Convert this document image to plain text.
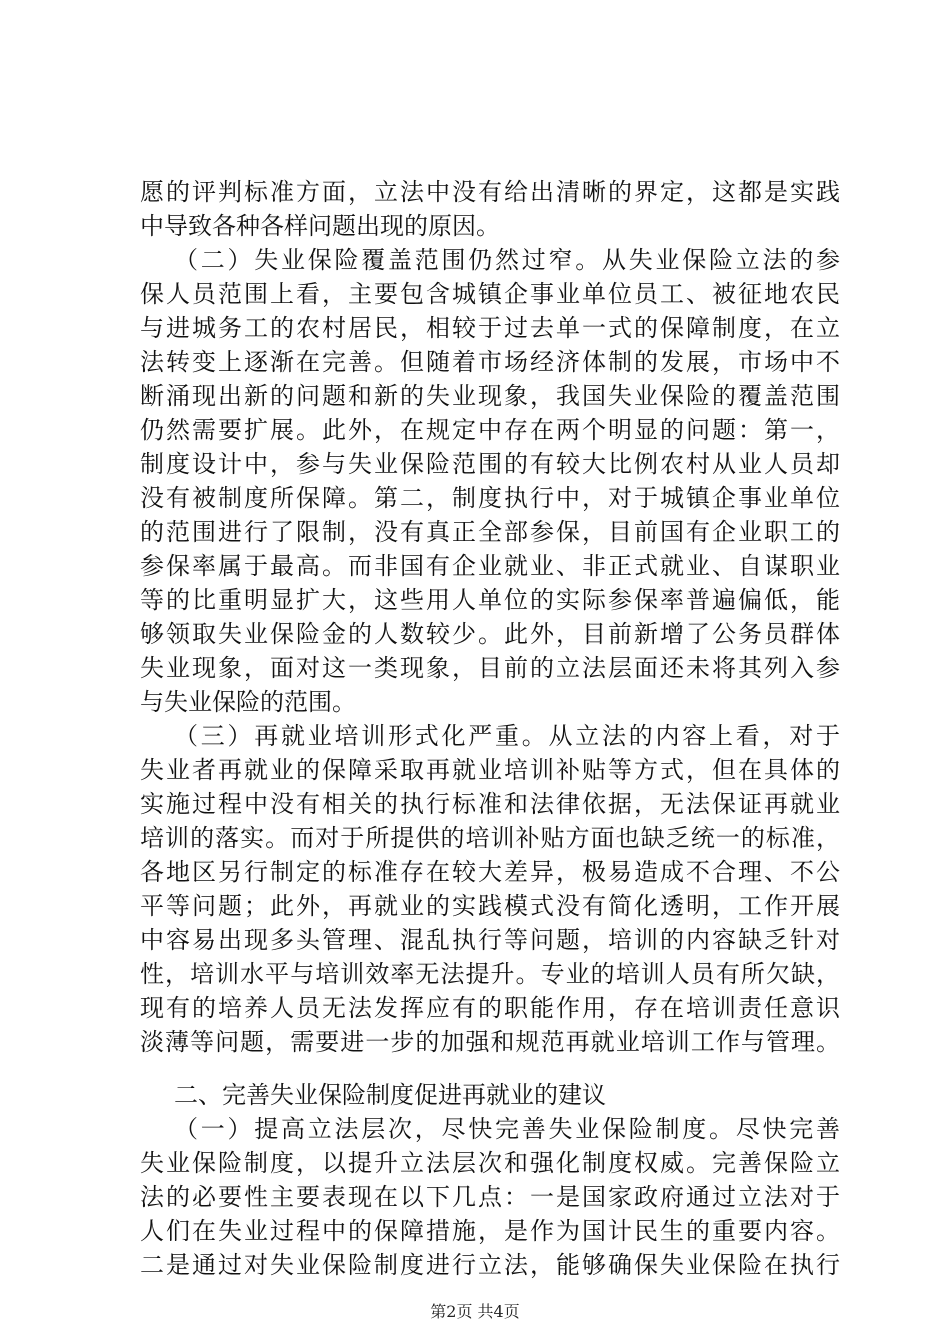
愿的评判标准方面，立法中没有给出清晰的界定，这都是实践
中导致各种各样问题出现的原因。
（二）失业保险覆盖范围仍然过窄。从失业保险立法的参
保人员范围上看，主要包含城镇企事业单位员工、被征地农民
与进城务工的农村居民，相较于过去单一式的保障制度，在立
法转变上逐渐在完善。但随着市场经济体制的发展，市场中不
断涌现出新的问题和新的失业现象，我国失业保险的覆盖范围
仍然需要扩展。此外，在规定中存在两个明显的问题：第一，
制度设计中，参与失业保险范围的有较大比例农村从业人员却
没有被制度所保障。第二，制度执行中，对于城镇企事业单位
的范围进行了限制，没有真正全部参保，目前国有企业职工的
参保率属于最高。而非国有企业就业、非正式就业、自谋职业
等的比重明显扩大，这些用人单位的实际参保率普遍偏低，能
够领取失业保险金的人数较少。此外，目前新增了公务员群体
失业现象，面对这一类现象，目前的立法层面还未将其列入参
与失业保险的范围。
（三）再就业培训形式化严重。从立法的内容上看，对于
失业者再就业的保障采取再就业培训补贴等方式，但在具体的
实施过程中没有相关的执行标准和法律依据，无法保证再就业
培训的落实。而对于所提供的培训补贴方面也缺乏统一的标准，
各地区另行制定的标准存在较大差异，极易造成不合理、不公
平等问题；此外，再就业的实践模式没有简化透明，工作开展
中容易出现多头管理、混乱执行等问题，培训的内容缺乏针对
性，培训水平与培训效率无法提升。专业的培训人员有所欠缺，
现有的培养人员无法发挥应有的职能作用，存在培训责任意识
淡薄等问题，需要进一步的加强和规范再就业培训工作与管理。
二、完善失业保险制度促进再就业的建议
（一）提高立法层次，尽快完善失业保险制度。尽快完善
失业保险制度，以提升立法层次和强化制度权威。完善保险立
法的必要性主要表现在以下几点：一是国家政府通过立法对于
人们在失业过程中的保障措施，是作为国计民生的重要内容。
二是通过对失业保险制度进行立法，能够确保失业保险在执行
第2页 共4页
